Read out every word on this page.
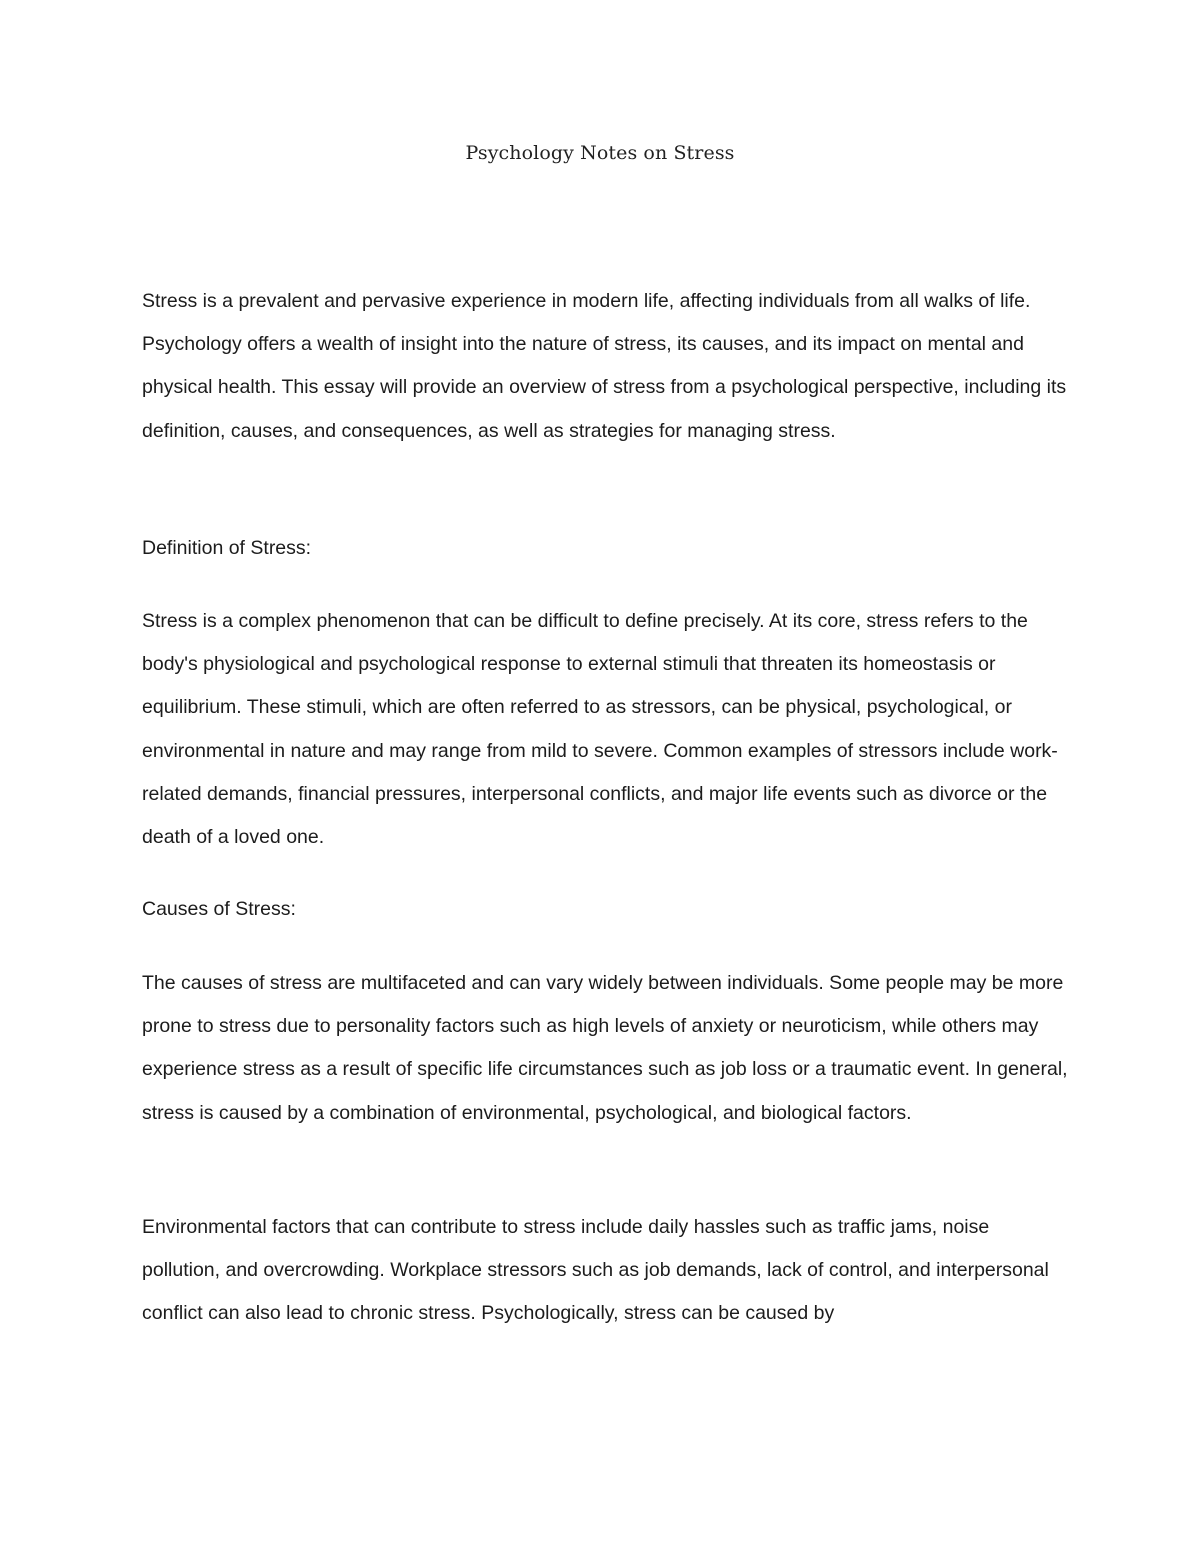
Psychology Notes on Stress

Stress is a prevalent and pervasive experience in modern life, affecting individuals from all walks of life. Psychology offers a wealth of insight into the nature of stress, its causes, and its impact on mental and physical health. This essay will provide an overview of stress from a psychological perspective, including its definition, causes, and consequences, as well as strategies for managing stress.

Definition of Stress:

Stress is a complex phenomenon that can be difficult to define precisely. At its core, stress refers to the body's physiological and psychological response to external stimuli that threaten its homeostasis or equilibrium. These stimuli, which are often referred to as stressors, can be physical, psychological, or environmental in nature and may range from mild to severe. Common examples of stressors include work-related demands, financial pressures, interpersonal conflicts, and major life events such as divorce or the death of a loved one.

Causes of Stress:

The causes of stress are multifaceted and can vary widely between individuals. Some people may be more prone to stress due to personality factors such as high levels of anxiety or neuroticism, while others may experience stress as a result of specific life circumstances such as job loss or a traumatic event. In general, stress is caused by a combination of environmental, psychological, and biological factors.

Environmental factors that can contribute to stress include daily hassles such as traffic jams, noise pollution, and overcrowding. Workplace stressors such as job demands, lack of control, and interpersonal conflict can also lead to chronic stress. Psychologically, stress can be caused by
